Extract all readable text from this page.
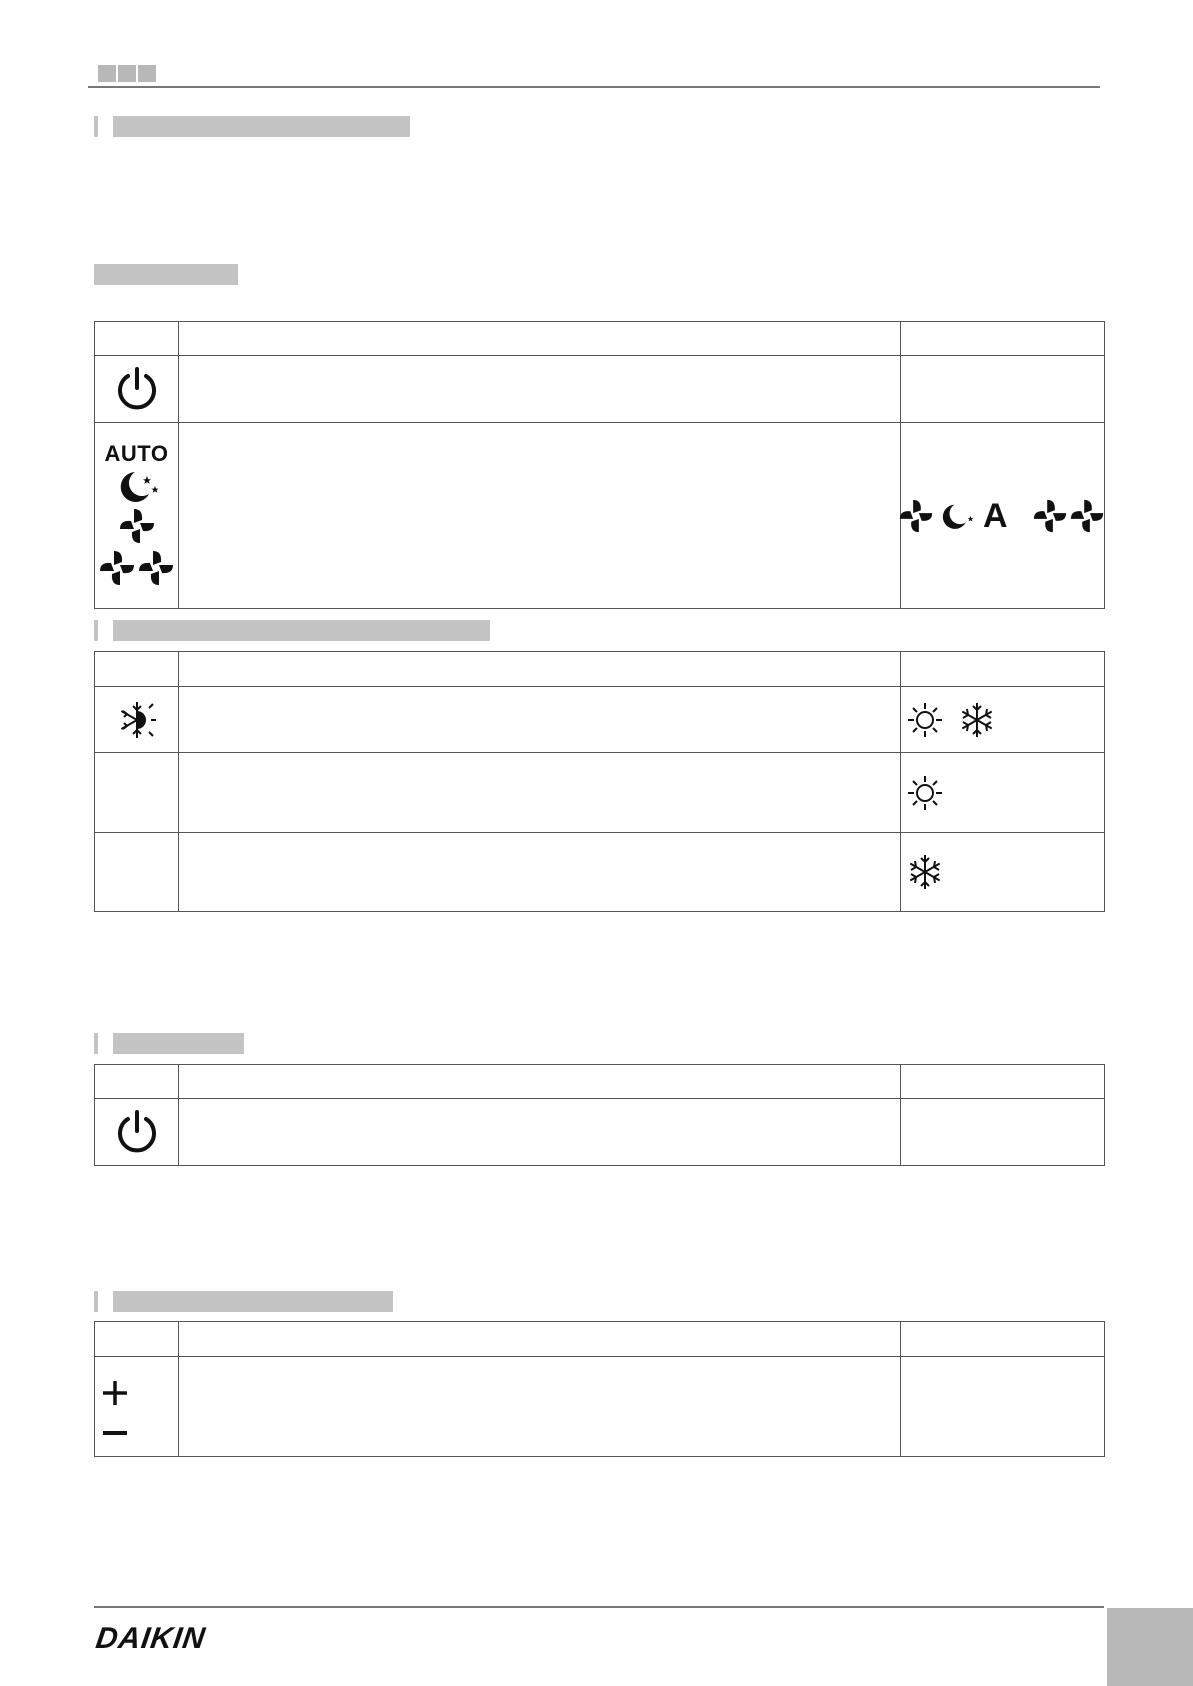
AUTO		A

DAIKIN
